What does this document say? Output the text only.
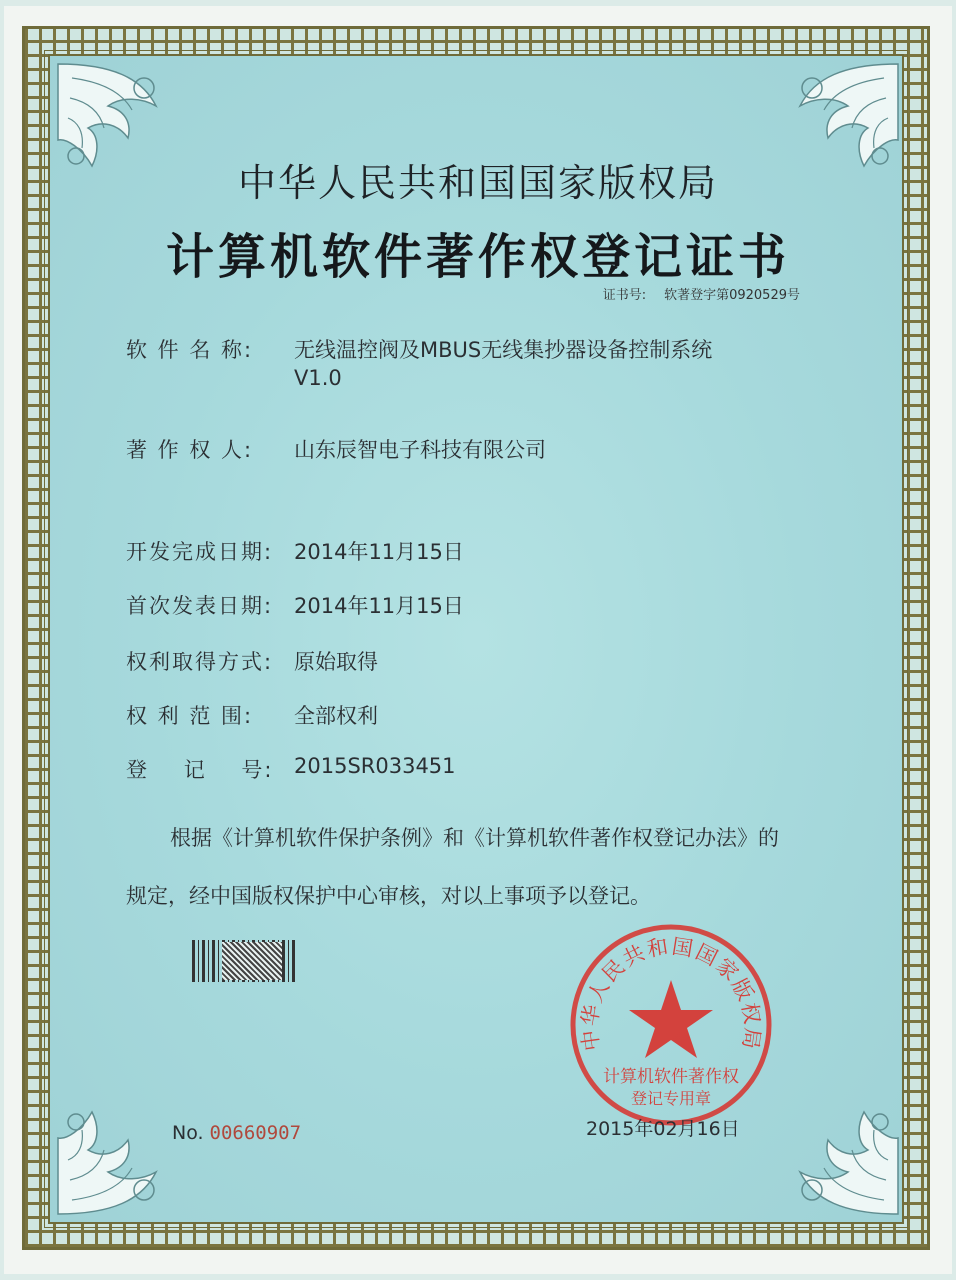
中华人民共和国国家版权局
计算机软件著作权登记证书
证书号: 软著登字第0920529号
软 件 名 称: 无线温控阀及MBUS无线集抄器设备控制系统
V1.0
著 作 权 人: 山东辰智电子科技有限公司
开发完成日期: 2014年11月15日
首次发表日期: 2014年11月15日
权利取得方式: 原始取得
权 利 范 围: 全部权利
登    记    号: 2015SR033451
根据《计算机软件保护条例》和《计算机软件著作权登记办法》的
规定，经中国版权保护中心审核，对以上事项予以登记。
中华人民共和国国家版权局
计算机软件著作权
登记专用章
2015年02月16日
No. 00660907
